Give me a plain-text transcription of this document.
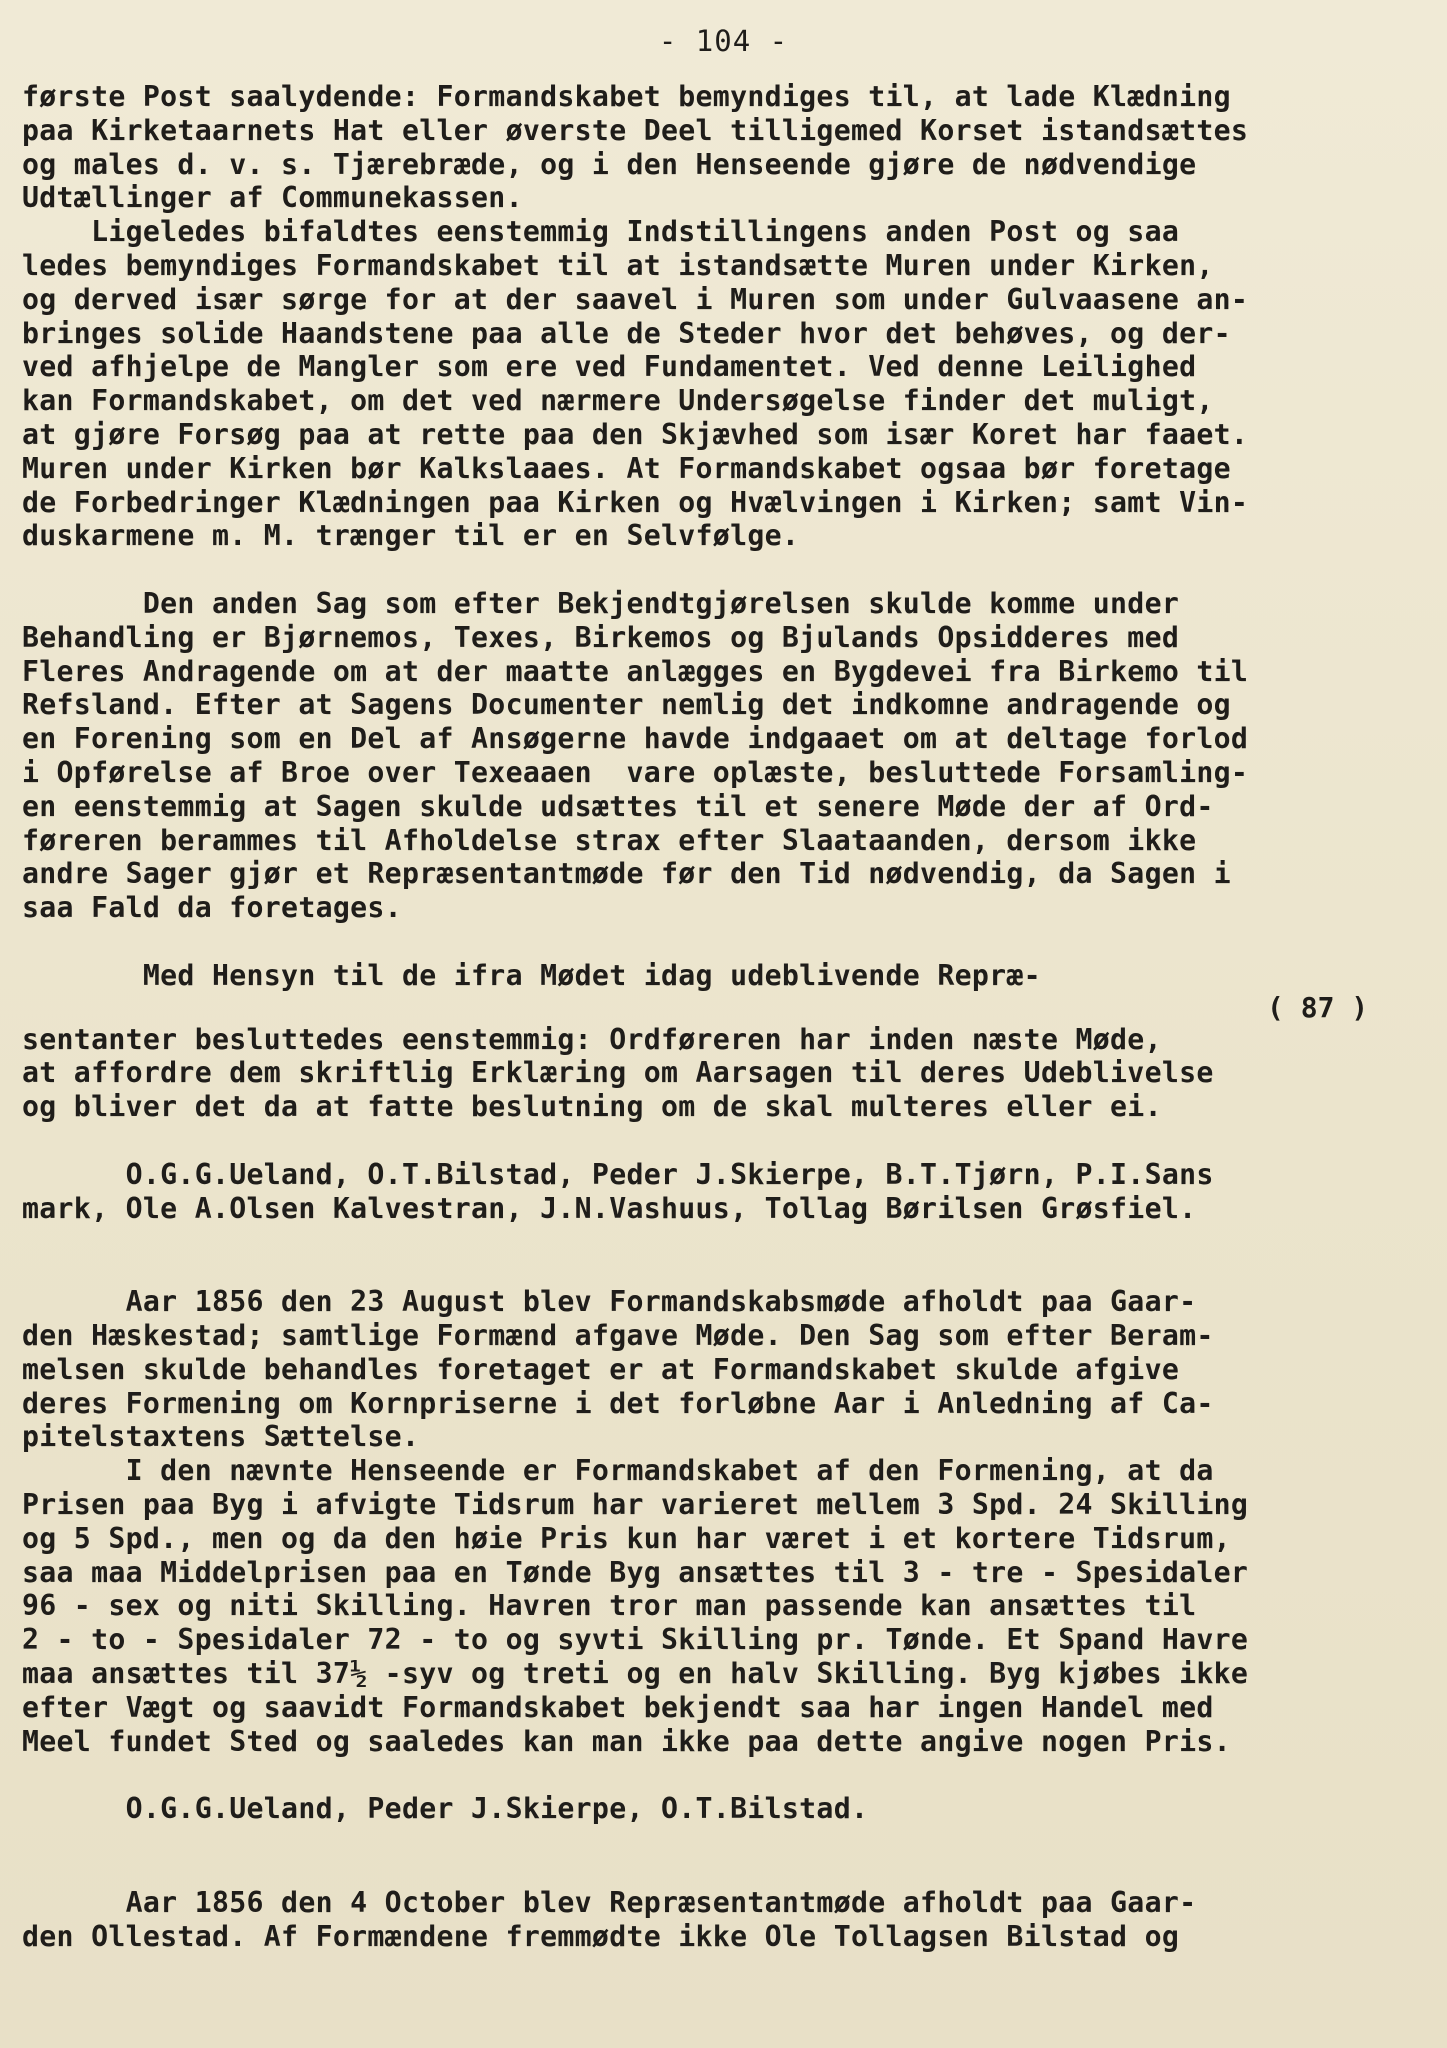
- 104 -
første Post saalydende: Formandskabet bemyndiges til, at lade Klædning
paa Kirketaarnets Hat eller øverste Deel tilligemed Korset istandsættes
og males d. v. s. Tjærebræde, og i den Henseende gjøre de nødvendige
Udtællinger af Communekassen.
Ligeledes bifaldtes eenstemmig Indstillingens anden Post og saa
ledes bemyndiges Formandskabet til at istandsætte Muren under Kirken,
og derved især sørge for at der saavel i Muren som under Gulvaasene an-
bringes solide Haandstene paa alle de Steder hvor det behøves, og der-
ved afhjelpe de Mangler som ere ved Fundamentet. Ved denne Leilighed
kan Formandskabet, om det ved nærmere Undersøgelse finder det muligt,
at gjøre Forsøg paa at rette paa den Skjævhed som især Koret har faaet.
Muren under Kirken bør Kalkslaaes. At Formandskabet ogsaa bør foretage
de Forbedringer Klædningen paa Kirken og Hvælvingen i Kirken; samt Vin-
duskarmene m. M. trænger til er en Selvfølge.
Den anden Sag som efter Bekjendtgjørelsen skulde komme under
Behandling er Bjørnemos, Texes, Birkemos og Bjulands Opsidderes med
Fleres Andragende om at der maatte anlægges en Bygdevei fra Birkemo til
Refsland. Efter at Sagens Documenter nemlig det indkomne andragende og
en Forening som en Del af Ansøgerne havde indgaaet om at deltage forlod
i Opførelse af Broe over Texeaaen  vare oplæste, besluttede Forsamling-
en eenstemmig at Sagen skulde udsættes til et senere Møde der af Ord-
føreren berammes til Afholdelse strax efter Slaataanden, dersom ikke
andre Sager gjør et Repræsentantmøde før den Tid nødvendig, da Sagen i
saa Fald da foretages.
Med Hensyn til de ifra Mødet idag udeblivende Repræ-
( 87 )
sentanter besluttedes eenstemmig: Ordføreren har inden næste Møde,
at affordre dem skriftlig Erklæring om Aarsagen til deres Udeblivelse
og bliver det da at fatte beslutning om de skal multeres eller ei.
O.G.G.Ueland, O.T.Bilstad, Peder J.Skierpe, B.T.Tjørn, P.I.Sans
mark, Ole A.Olsen Kalvestran, J.N.Vashuus, Tollag Børilsen Grøsfiel.
Aar 1856 den 23 August blev Formandskabsmøde afholdt paa Gaar-
den Hæskestad; samtlige Formænd afgave Møde. Den Sag som efter Beram-
melsen skulde behandles foretaget er at Formandskabet skulde afgive
deres Formening om Kornpriserne i det forløbne Aar i Anledning af Ca-
pitelstaxtens Sættelse.
I den nævnte Henseende er Formandskabet af den Formening, at da
Prisen paa Byg i afvigte Tidsrum har varieret mellem 3 Spd. 24 Skilling
og 5 Spd., men og da den høie Pris kun har været i et kortere Tidsrum,
saa maa Middelprisen paa en Tønde Byg ansættes til 3 - tre - Spesidaler
96 - sex og niti Skilling. Havren tror man passende kan ansættes til
2 - to - Spesidaler 72 - to og syvti Skilling pr. Tønde. Et Spand Havre
maa ansættes til 37½ -syv og treti og en halv Skilling. Byg kjøbes ikke
efter Vægt og saavidt Formandskabet bekjendt saa har ingen Handel med
Meel fundet Sted og saaledes kan man ikke paa dette angive nogen Pris.
O.G.G.Ueland, Peder J.Skierpe, O.T.Bilstad.
Aar 1856 den 4 October blev Repræsentantmøde afholdt paa Gaar-
den Ollestad. Af Formændene fremmødte ikke Ole Tollagsen Bilstad og
